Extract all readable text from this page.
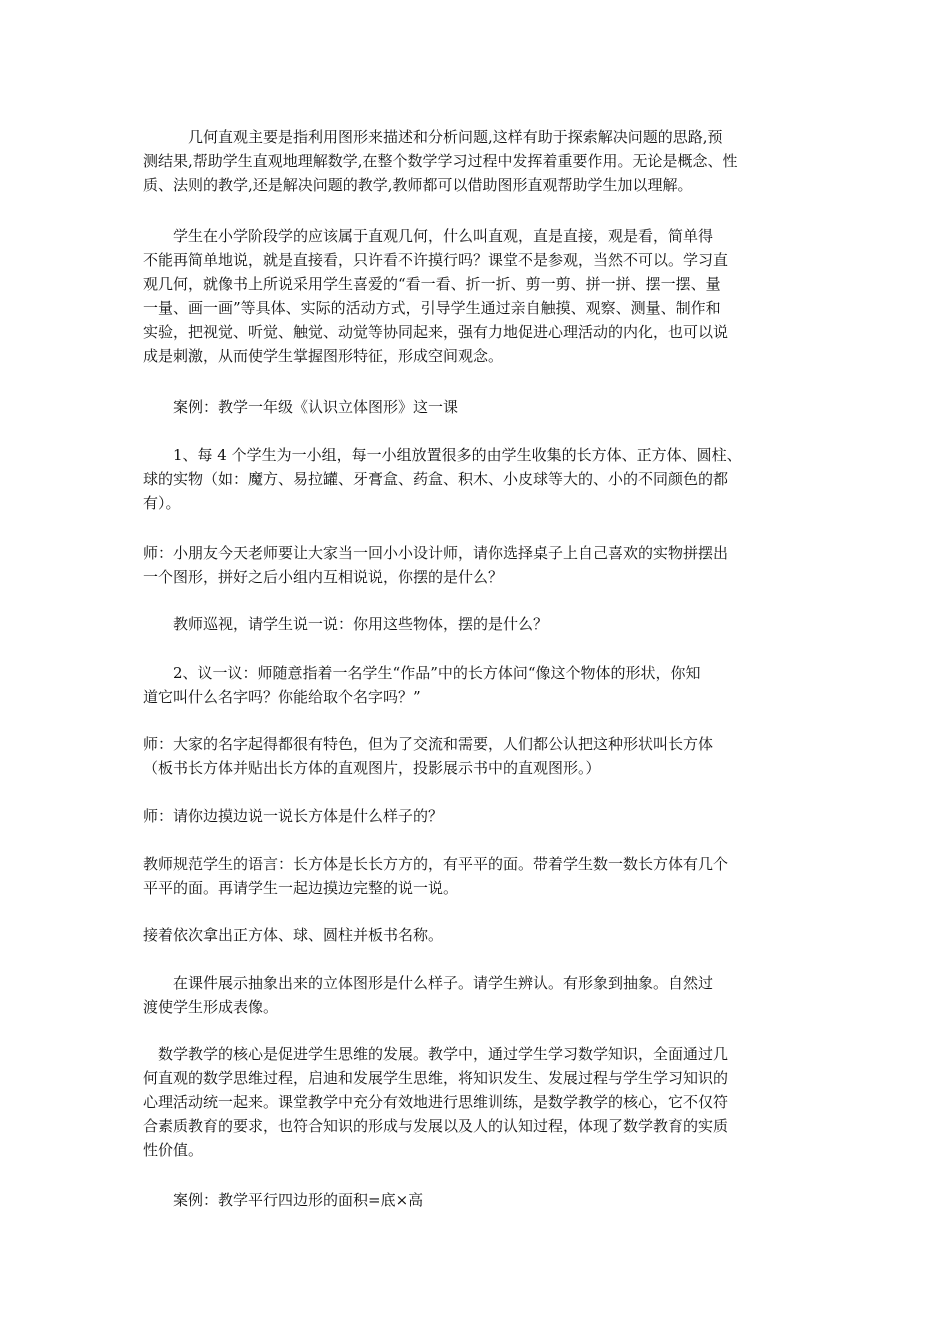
　　　几何直观主要是指利用图形来描述和分析问题,这样有助于探索解决问题的思路,预
测结果,帮助学生直观地理解数学,在整个数学学习过程中发挥着重要作用。无论是概念、性
质、法则的教学,还是解决问题的教学,教师都可以借助图形直观帮助学生加以理解。

　　学生在小学阶段学的应该属于直观几何，什么叫直观，直是直接，观是看，简单得
不能再简单地说，就是直接看，只许看不许摸行吗？课堂不是参观，当然不可以。学习直
观几何，就像书上所说采用学生喜爱的“看一看、折一折、剪一剪、拼一拼、摆一摆、量
一量、画一画”等具体、实际的活动方式，引导学生通过亲自触摸、观察、测量、制作和
实验，把视觉、听觉、触觉、动觉等协同起来，强有力地促进心理活动的内化，也可以说
成是刺激，从而使学生掌握图形特征，形成空间观念。

　　案例：教学一年级《认识立体图形》这一课

　　1、每 4 个学生为一小组，每一小组放置很多的由学生收集的长方体、正方体、圆柱、
球的实物（如：魔方、易拉罐、牙膏盒、药盒、积木、小皮球等大的、小的不同颜色的都
有）。

师：小朋友今天老师要让大家当一回小小设计师，请你选择桌子上自己喜欢的实物拼摆出
一个图形，拼好之后小组内互相说说，你摆的是什么？

　　教师巡视，请学生说一说：你用这些物体，摆的是什么？

　　2、议一议：师随意指着一名学生“作品”中的长方体问“像这个物体的形状，你知
道它叫什么名字吗？你能给取个名字吗？”

师：大家的名字起得都很有特色，但为了交流和需要，人们都公认把这种形状叫长方体
（板书长方体并贴出长方体的直观图片，投影展示书中的直观图形。）

师：请你边摸边说一说长方体是什么样子的？

教师规范学生的语言：长方体是长长方方的，有平平的面。带着学生数一数长方体有几个
平平的面。再请学生一起边摸边完整的说一说。

接着依次拿出正方体、球、圆柱并板书名称。

　　在课件展示抽象出来的立体图形是什么样子。请学生辨认。有形象到抽象。自然过
渡使学生形成表像。

　数学教学的核心是促进学生思维的发展。教学中，通过学生学习数学知识，全面通过几
何直观的数学思维过程，启迪和发展学生思维，将知识发生、发展过程与学生学习知识的
心理活动统一起来。课堂教学中充分有效地进行思维训练，是数学教学的核心，它不仅符
合素质教育的要求，也符合知识的形成与发展以及人的认知过程，体现了数学教育的实质
性价值。

　　案例：教学平行四边形的面积=底×高
